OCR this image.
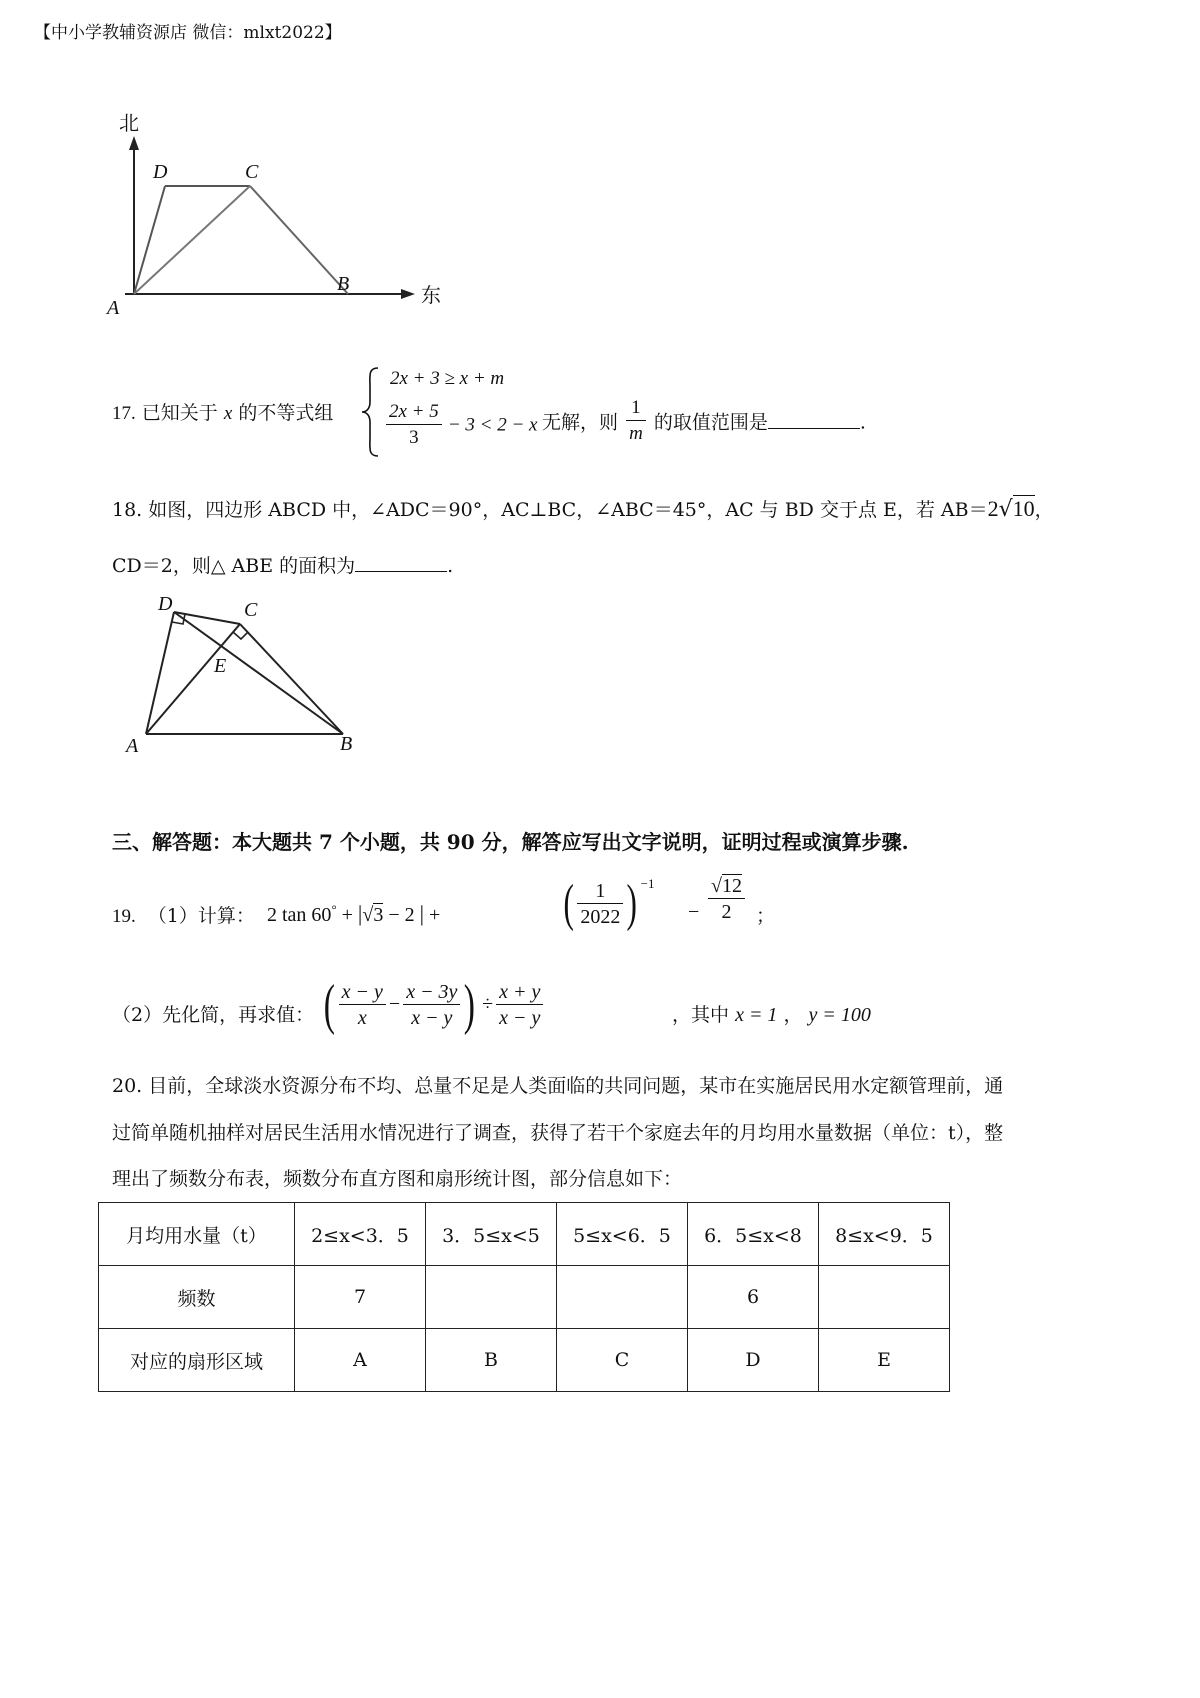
【中小学教辅资源店 微信：mlxt2022】
北
东
A
B
C
D
17. 已知关于 x 的不等式组
2x + 3 ≥ x + m
$\frac{2x + 5}{3} - 3 < 2 - x$ 无解，则 $\frac{1}{m}$ 的取值范围是	.
18. 如图，四边形 ABCD 中，∠ADC＝90°，AC⊥BC，∠ABC＝45°，AC 与 BD 交于点 E，若 AB＝2√10，
CD＝2，则△ ABE 的面积为	.
D	C
E
A	B
三、解答题：本大题共 7 个小题，共 90 分，解答应写出文字说明，证明过程或演算步骤.
19. （1）计算： 2 tan 60° + |√3 − 2 | + ( $\frac{1}{2022}$ ) $^{-1}$
− $\frac{√12}{2}$ ；
（2）先化简，再求值： ( $\frac{x - y}{x} - \frac{x - 3y}{x - y}$ ) ÷ $\frac{x + y}{x - y}$	，其中 x = 1 ， y = 100
20. 目前，全球淡水资源分布不均、总量不足是人类面临的共同问题，某市在实施居民用水定额管理前，通
过简单随机抽样对居民生活用水情况进行了调查，获得了若干个家庭去年的月均用水量数据（单位：t），整
理出了频数分布表，频数分布直方图和扇形统计图，部分信息如下：
月均用水量（t）	2≤x<3．5	3．5≤x<5	5≤x<6．5	6．5≤x<8	8≤x<9．5
频数	7			6	
对应的扇形区域	A	B	C	D	E
